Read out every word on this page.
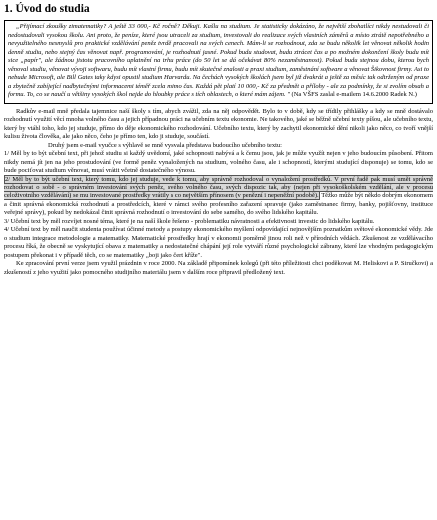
1. Úvod do studia
„Přijímací zkoušky zimatematiky? A ještě 33 000,- Kč ročně? Děkuji. Kašlu na studium. Je statisticky dokázáno, že největší zbohatlíci nikdy nestudovali či nedostudovali vysokou školu. Ani proto, že peníze, které jsou utraceli za studium, investovali do realizace svých vlastních záměrů a místo ztrátě nepotřebného a nevyužitelného nesmyslů pro praktické vzdělávání peněz tvrdě pracovali na svých cenech. Mám-li se rozhodnout, zda se budu několik let věnovat několik hodin denně studiu, nebo stejný čas věnovat např. programování, je rozhodnutí jasné. Pokud budu studovat, budu ztrácet čas a po možném dokončení školy budu mít sice „papír", ale žádnou jistotu pracovního uplatnění na trhu práce (do 50 let se dá očekávat 80% nezaměstnanost). Pokud budu stejnou dobu, kterou bych věnoval studiu, věnovat vývoji softwaru, budu mít vlastní firmu, budu mít skutečné znalosti a praxi studium, zaměstnání software a věnovat Šikovnost firmy. Asi to nebude Microsoft, ale Bill Gates taky kdysi opustil studium Harvardu. Na čechách vysokých školách jsem byl již dvakrát a ještě za měsíc tak odtrženým od praxe a zbytečně zabíjející nadbytečnými informacemi téměř zcela mimo čas. Každá pět platí 10 000,- Kč za předmět a přílohy - ale za podmínky, že si zvolím obsah a formu. To, co se naučí u většiny vysokých škol nejde do hloubky práce s tích oblastech, o které mám zájem. " (Na VŠFS zaslal e-mailem 14.6.2000 Radek N.)

Radkův e-mail mně předala tajemnice naší školy s tím, abych zvážil, zda na něj odpovědět. Bylo to v době, kdy se třídily přihlášky a kdy se mně dostávalo rozhodnutí využití věcí mnoha volného času a jejich případnou práci na učebním textu ekonomie. Ne takového, jaké se běžně učební texty píšou, ale učebního textu, který by vtáhl toho, kdo jej studuje, přímo do děje ekonomického rozhodování. Učebního textu, který by zachytil ekonomické dění nikoli jako něco, co tvoří vnější kulisu života člověka, ale jako něco, čeho je přímo ten, kdo ji studuje, součástí.

Druhý jsem e-mail vyučce s výhlavě se mně vysvala představa budoucího učebního textu:

1/ Měl by to být učební text, při jehož studiu si každý uvědomí, jaké schopnosti nabývá a k čemu jsou, jak je může využít nejen v jeho budoucím působení. Přitom nikdy nemá jít jen na jeho prostudování (ve formě peněz vynaložených na studium, volného času, ale i schopností, kterými studující disponuje) se tomu, kdo se bude pociťovat studium věnovat, musí vrátit včetně dostatečného výnosu.

2/ Měl by to být učební text, který tomu, kdo jej studuje, vede k tomu, aby správně rozhodoval o vynaložení prostředků. V první řadě pak musí umět správně rozhodovat o sobě - o správném investování svých peněz, svého volného času, svých dispozic tak, aby (nejen při vysokoškolském vzdělání, ale v procesu celoživotního vzdělávání) se mu investované prostředky vrátily s co největším přínosem (v penězní i nepeněžní podobě). Těžko může být někdo dobrým ekonomem a činit správná ekonomická rozhodnutí a prostředcích, které v rámci svého profesního zařazení spravuje (jako zaměstnanec firmy, banky, pojišťovny, instituce veřejné správy), pokud by nedokázal činit správná rozhodnutí o investování do sebe samého, do svého lidského kapitálu.

3/ Učební text by měl rozvíjet nosné téma, které je na naší škole řešeno - problematiku návratnosti a efektivnosti investic do lidského kapitálu.

4/ Učební text by měl naučit studenta používat účinné metody a postupy ekonomického myšlení odpovídající nejnovějším poznatkům světové ekonomické vědy. Jde o studium integrace metodologie a matematiky. Matematické prostředky hrají v ekonomii poměrně jinou roli než v přírodních vědách. Zkušenost ze vzdělávacího procesu říká, že obecně se vyskytující obava z matematiky a nedostatečné chápání její role vytváří různé psychologické zábrany, které lze vhodným pedagogickým postupem překonat i v případě těch, co se matematiky „boji jako čert kříže".

Ke zpracování první verze jsem využil prázdnin v roce 2000. Na základě připomínek kolegů (při této příležitosti chci poděkovat M. Heliskovi a P. Siručkovi) a zkušeností z jeho využití jako pomocného studijního materiálu jsem v dalším roce připravil předložený text.
